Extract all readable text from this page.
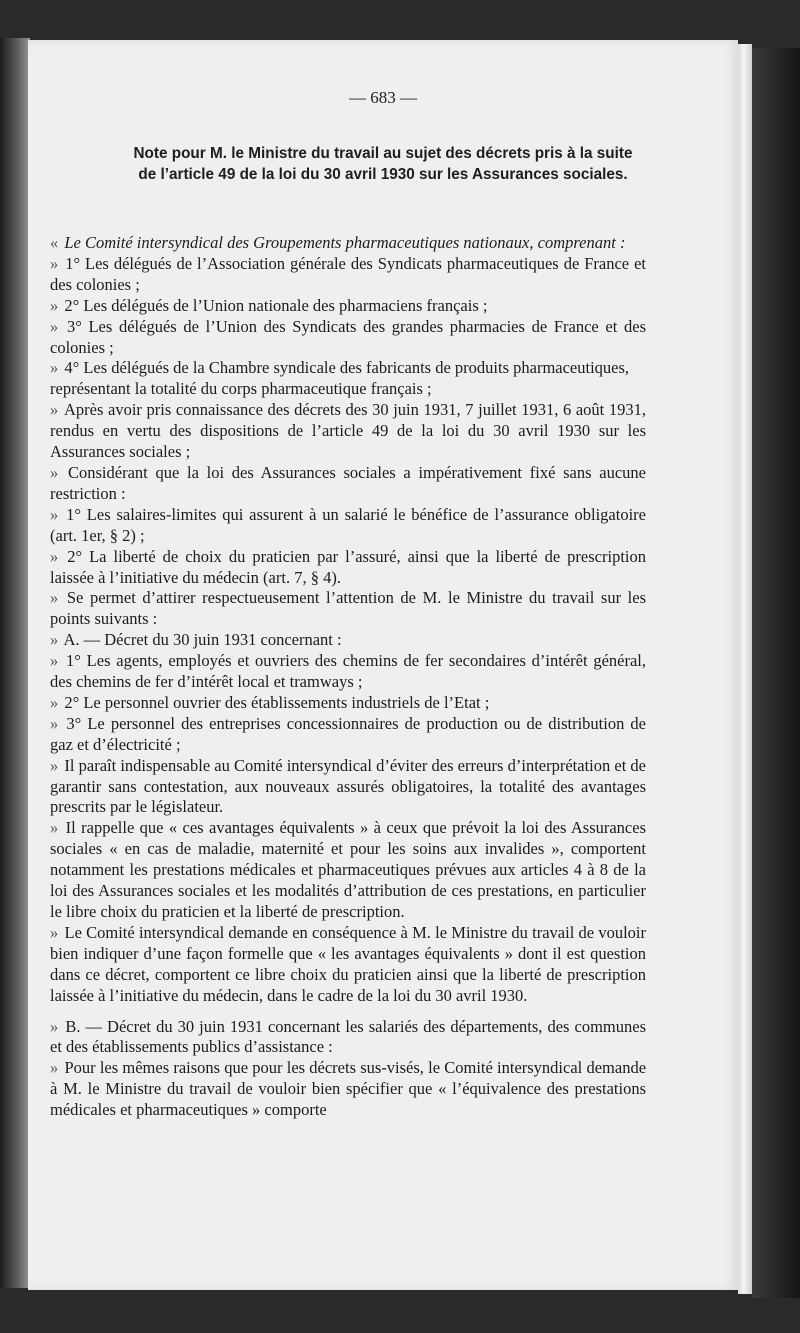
— 683 —
Note pour M. le Ministre du travail au sujet des décrets pris à la suite
de l’article 49 de la loi du 30 avril 1930 sur les Assurances sociales.

« Le Comité intersyndical des Groupements pharmaceutiques nationaux, comprenant :

» 1° Les délégués de l’Association générale des Syndicats pharmaceutiques de France et des colonies ;

» 2° Les délégués de l’Union nationale des pharmaciens français ;

» 3° Les délégués de l’Union des Syndicats des grandes pharmacies de France et des colonies ;

» 4° Les délégués de la Chambre syndicale des fabricants de produits pharmaceutiques,

représentant la totalité du corps pharmaceutique français ;

» Après avoir pris connaissance des décrets des 30 juin 1931, 7 juillet 1931, 6 août 1931, rendus en vertu des dispositions de l’article 49 de la loi du 30 avril 1930 sur les Assurances sociales ;

» Considérant que la loi des Assurances sociales a impérativement fixé sans aucune restriction :

» 1° Les salaires-limites qui assurent à un salarié le bénéfice de l’assurance obligatoire (art. 1er, § 2) ;

» 2° La liberté de choix du praticien par l’assuré, ainsi que la liberté de prescription laissée à l’initiative du médecin (art. 7, § 4).

» Se permet d’attirer respectueusement l’attention de M. le Ministre du travail sur les points suivants :

» A. — Décret du 30 juin 1931 concernant :

» 1° Les agents, employés et ouvriers des chemins de fer secondaires d’intérêt général, des chemins de fer d’intérêt local et tramways ;

» 2° Le personnel ouvrier des établissements industriels de l’Etat ;

» 3° Le personnel des entreprises concessionnaires de production ou de distribution de gaz et d’électricité ;

» Il paraît indispensable au Comité intersyndical d’éviter des erreurs d’interprétation et de garantir sans contestation, aux nouveaux assurés obligatoires, la totalité des avantages prescrits par le législateur.

» Il rappelle que « ces avantages équivalents » à ceux que prévoit la loi des Assurances sociales « en cas de maladie, maternité et pour les soins aux invalides », comportent notamment les prestations médicales et pharmaceutiques prévues aux articles 4 à 8 de la loi des Assurances sociales et les modalités d’attribution de ces prestations, en particulier le libre choix du praticien et la liberté de prescription.

» Le Comité intersyndical demande en conséquence à M. le Ministre du travail de vouloir bien indiquer d’une façon formelle que « les avantages équivalents » dont il est question dans ce décret, comportent ce libre choix du praticien ainsi que la liberté de prescription laissée à l’initiative du médecin, dans le cadre de la loi du 30 avril 1930.

» B. — Décret du 30 juin 1931 concernant les salariés des départements, des communes et des établissements publics d’assistance :

» Pour les mêmes raisons que pour les décrets sus-visés, le Comité intersyndical demande à M. le Ministre du travail de vouloir bien spécifier que « l’équivalence des prestations médicales et pharmaceutiques » comporte
